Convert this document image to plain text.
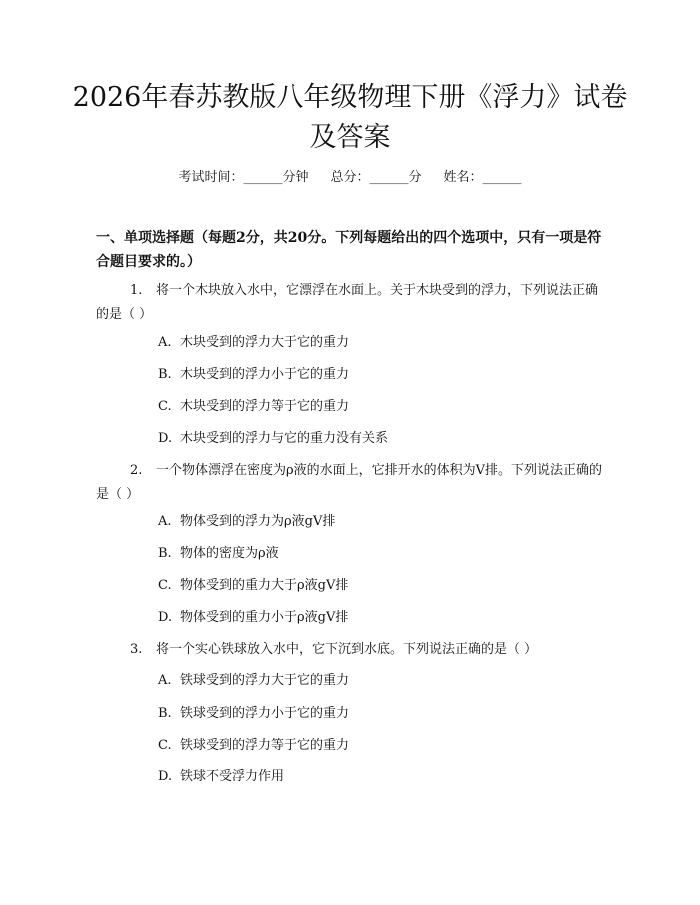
2026年春苏教版八年级物理下册《浮力》试卷及答案
考试时间：______分钟 总分：______分 姓名：______
一、单项选择题（每题2分，共20分。下列每题给出的四个选项中，只有一项是符合题目要求的。）
1. 将一个木块放入水中，它漂浮在水面上。关于木块受到的浮力，下列说法正确的是（ ）
A. 木块受到的浮力大于它的重力
B. 木块受到的浮力小于它的重力
C. 木块受到的浮力等于它的重力
D. 木块受到的浮力与它的重力没有关系
2. 一个物体漂浮在密度为ρ液的水面上，它排开水的体积为V排。下列说法正确的是（ ）
A. 物体受到的浮力为ρ液gV排
B. 物体的密度为ρ液
C. 物体受到的重力大于ρ液gV排
D. 物体受到的重力小于ρ液gV排
3. 将一个实心铁球放入水中，它下沉到水底。下列说法正确的是（ ）
A. 铁球受到的浮力大于它的重力
B. 铁球受到的浮力小于它的重力
C. 铁球受到的浮力等于它的重力
D. 铁球不受浮力作用
